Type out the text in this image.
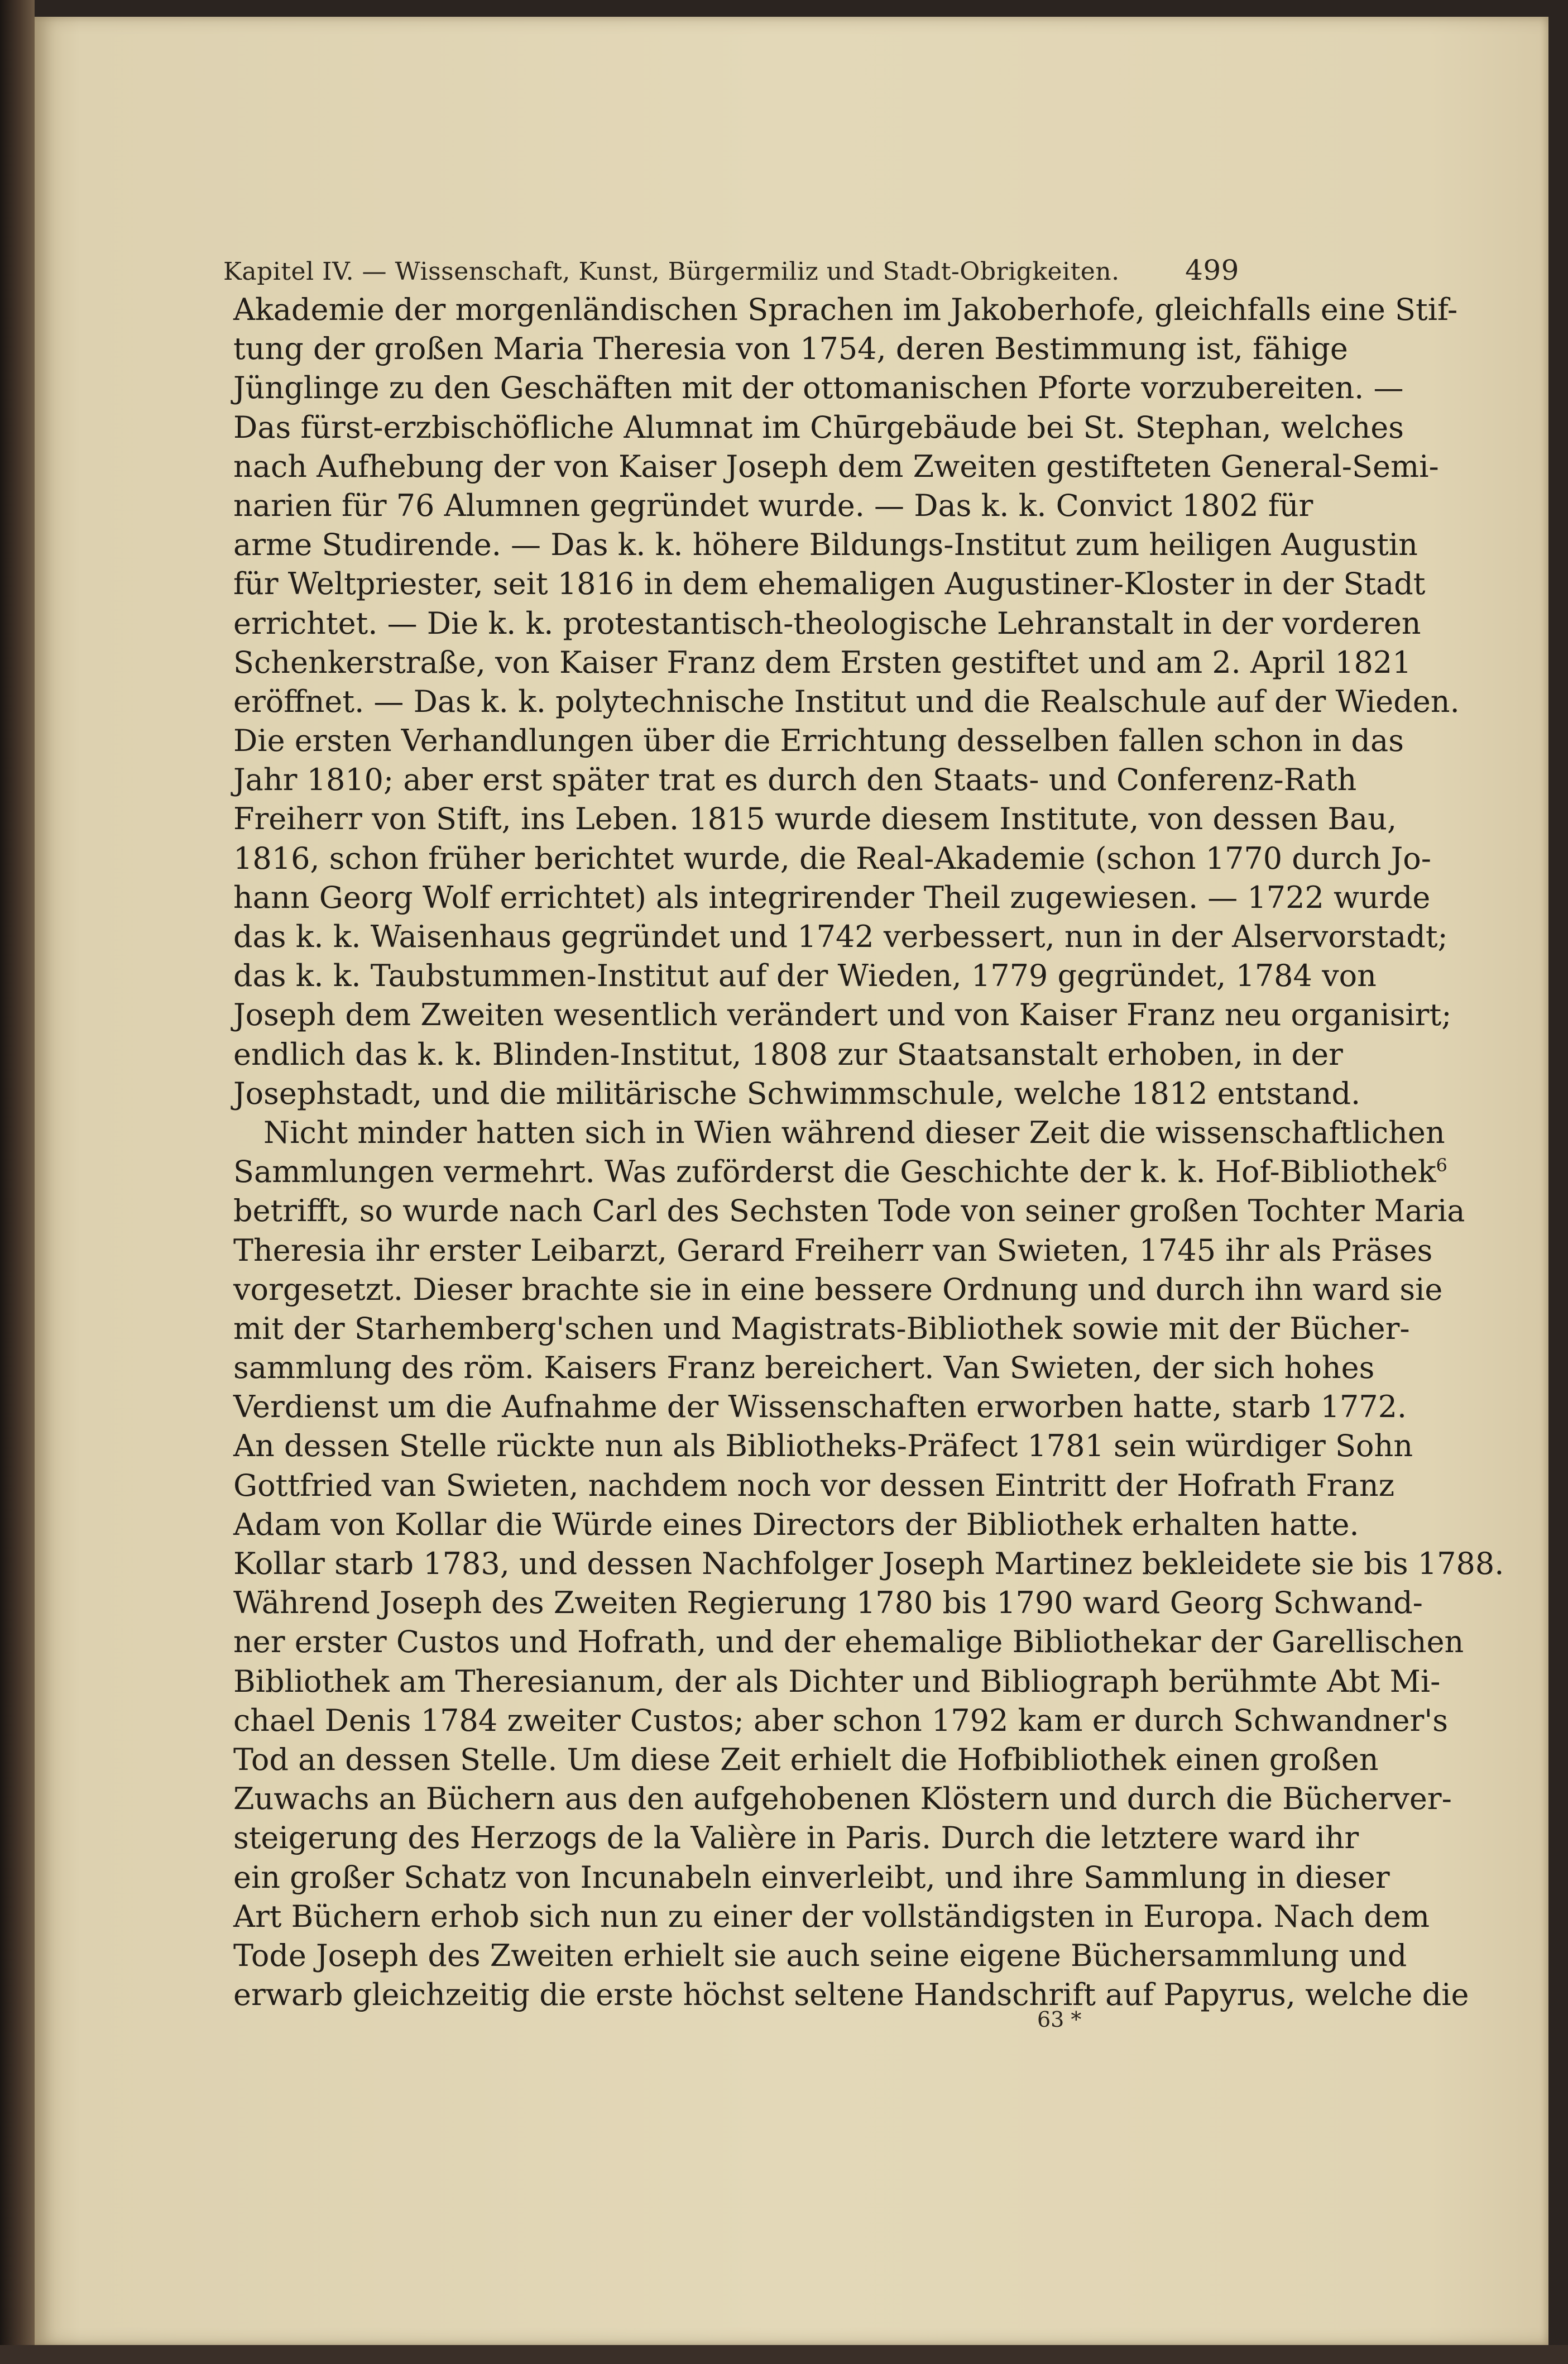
Kapitel IV. — Wissenschaft, Kunst, Bürgermiliz und Stadt-Obrigkeiten. 499
Akademie der morgenländischen Sprachen im Jakoberhofe, gleichfalls eine Stif-
tung der großen Maria Theresia von 1754, deren Bestimmung ist, fähige
Jünglinge zu den Geschäften mit der ottomanischen Pforte vorzubereiten. —
Das fürst-erzbischöfliche Alumnat im Chūrgebäude bei St. Stephan, welches
nach Aufhebung der von Kaiser Joseph dem Zweiten gestifteten General-Semi-
narien für 76 Alumnen gegründet wurde. — Das k. k. Convict 1802 für
arme Studirende. — Das k. k. höhere Bildungs-Institut zum heiligen Augustin
für Weltpriester, seit 1816 in dem ehemaligen Augustiner-Kloster in der Stadt
errichtet. — Die k. k. protestantisch-theologische Lehranstalt in der vorderen
Schenkerstraße, von Kaiser Franz dem Ersten gestiftet und am 2. April 1821
eröffnet. — Das k. k. polytechnische Institut und die Realschule auf der Wieden.
Die ersten Verhandlungen über die Errichtung desselben fallen schon in das
Jahr 1810; aber erst später trat es durch den Staats- und Conferenz-Rath
Freiherr von Stift, ins Leben. 1815 wurde diesem Institute, von dessen Bau,
1816, schon früher berichtet wurde, die Real-Akademie (schon 1770 durch Jo-
hann Georg Wolf errichtet) als integrirender Theil zugewiesen. — 1722 wurde
das k. k. Waisenhaus gegründet und 1742 verbessert, nun in der Alservorstadt;
das k. k. Taubstummen-Institut auf der Wieden, 1779 gegründet, 1784 von
Joseph dem Zweiten wesentlich verändert und von Kaiser Franz neu organisirt;
endlich das k. k. Blinden-Institut, 1808 zur Staatsanstalt erhoben, in der
Josephstadt, und die militärische Schwimmschule, welche 1812 entstand.
Nicht minder hatten sich in Wien während dieser Zeit die wissenschaftlichen
Sammlungen vermehrt. Was zuförderst die Geschichte der k. k. Hof-Bibliothek$^6$
betrifft, so wurde nach Carl des Sechsten Tode von seiner großen Tochter Maria
Theresia ihr erster Leibarzt, Gerard Freiherr van Swieten, 1745 ihr als Präses
vorgesetzt. Dieser brachte sie in eine bessere Ordnung und durch ihn ward sie
mit der Starhemberg'schen und Magistrats-Bibliothek sowie mit der Bücher-
sammlung des röm. Kaisers Franz bereichert. Van Swieten, der sich hohes
Verdienst um die Aufnahme der Wissenschaften erworben hatte, starb 1772.
An dessen Stelle rückte nun als Bibliotheks-Präfect 1781 sein würdiger Sohn
Gottfried van Swieten, nachdem noch vor dessen Eintritt der Hofrath Franz
Adam von Kollar die Würde eines Directors der Bibliothek erhalten hatte.
Kollar starb 1783, und dessen Nachfolger Joseph Martinez bekleidete sie bis 1788.
Während Joseph des Zweiten Regierung 1780 bis 1790 ward Georg Schwand-
ner erster Custos und Hofrath, und der ehemalige Bibliothekar der Garellischen
Bibliothek am Theresianum, der als Dichter und Bibliograph berühmte Abt Mi-
chael Denis 1784 zweiter Custos; aber schon 1792 kam er durch Schwandner's
Tod an dessen Stelle. Um diese Zeit erhielt die Hofbibliothek einen großen
Zuwachs an Büchern aus den aufgehobenen Klöstern und durch die Bücherver-
steigerung des Herzogs de la Valière in Paris. Durch die letztere ward ihr
ein großer Schatz von Incunabeln einverleibt, und ihre Sammlung in dieser
Art Büchern erhob sich nun zu einer der vollständigsten in Europa. Nach dem
Tode Joseph des Zweiten erhielt sie auch seine eigene Büchersammlung und
erwarb gleichzeitig die erste höchst seltene Handschrift auf Papyrus, welche die
63 *
